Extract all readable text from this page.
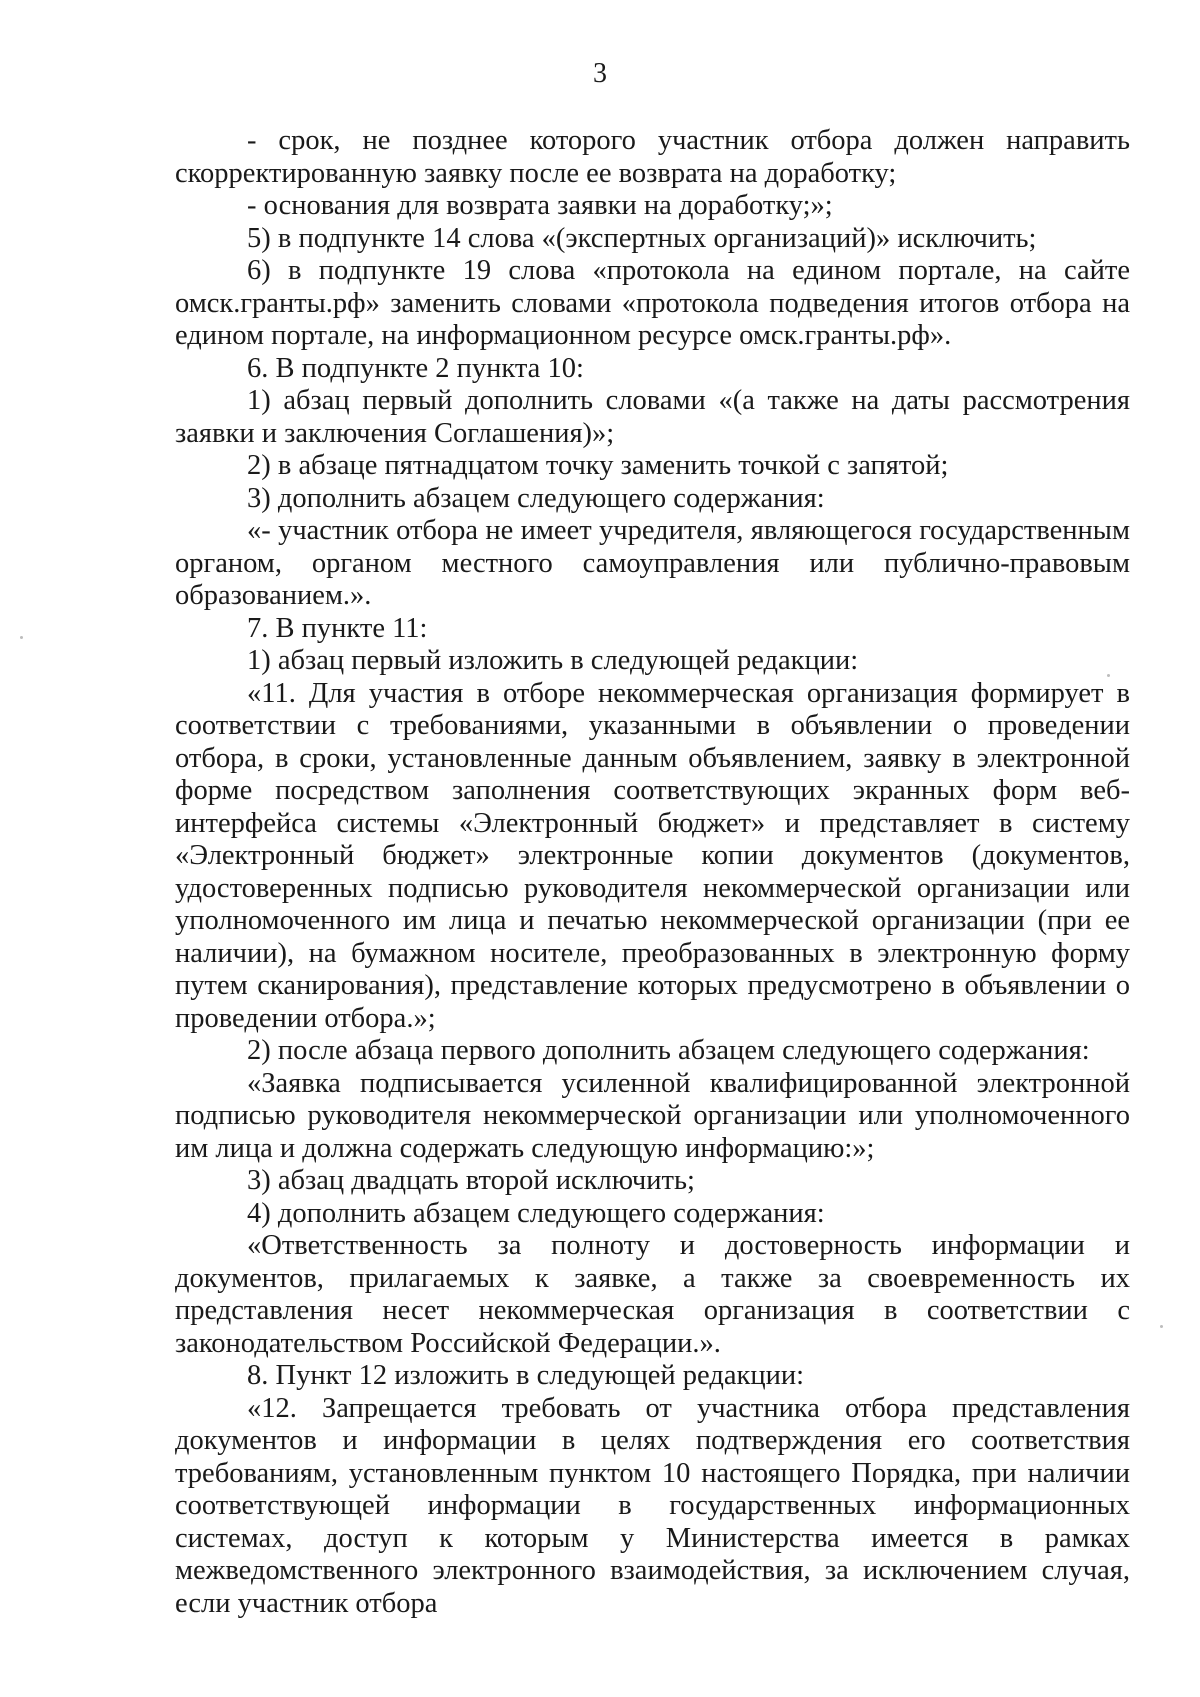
3

- срок, не позднее которого участник отбора должен направить скорректированную заявку после ее возврата на доработку;

- основания для возврата заявки на доработку;»;

5) в подпункте 14 слова «(экспертных организаций)» исключить;

6) в подпункте 19 слова «протокола на едином портале, на сайте омск.гранты.рф» заменить словами «протокола подведения итогов отбора на едином портале, на информационном ресурсе омск.гранты.рф».

6. В подпункте 2 пункта 10:

1) абзац первый дополнить словами «(а также на даты рассмотрения заявки и заключения Соглашения)»;

2) в абзаце пятнадцатом точку заменить точкой с запятой;

3) дополнить абзацем следующего содержания:

«- участник отбора не имеет учредителя, являющегося государственным органом, органом местного самоуправления или публично-правовым образованием.».

7. В пункте 11:

1) абзац первый изложить в следующей редакции:

«11. Для участия в отборе некоммерческая организация формирует в соответствии с требованиями, указанными в объявлении о проведении отбора, в сроки, установленные данным объявлением, заявку в электронной форме посредством заполнения соответствующих экранных форм веб-интерфейса системы «Электронный бюджет» и представляет в систему «Электронный бюджет» электронные копии документов (документов, удостоверенных подписью руководителя некоммерческой организации или уполномоченного им лица и печатью некоммерческой организации (при ее наличии), на бумажном носителе, преобразованных в электронную форму путем сканирования), представление которых предусмотрено в объявлении о проведении отбора.»;

2) после абзаца первого дополнить абзацем следующего содержания:

«Заявка подписывается усиленной квалифицированной электронной подписью руководителя некоммерческой организации или уполномоченного им лица и должна содержать следующую информацию:»;

3) абзац двадцать второй исключить;

4) дополнить абзацем следующего содержания:

«Ответственность за полноту и достоверность информации и документов, прилагаемых к заявке, а также за своевременность их представления несет некоммерческая организация в соответствии с законодательством Российской Федерации.».

8. Пункт 12 изложить в следующей редакции:

«12. Запрещается требовать от участника отбора представления документов и информации в целях подтверждения его соответствия требованиям, установленным пунктом 10 настоящего Порядка, при наличии соответствующей информации в государственных информационных системах, доступ к которым у Министерства имеется в рамках межведомственного электронного взаимодействия, за исключением случая, если участник отбора
